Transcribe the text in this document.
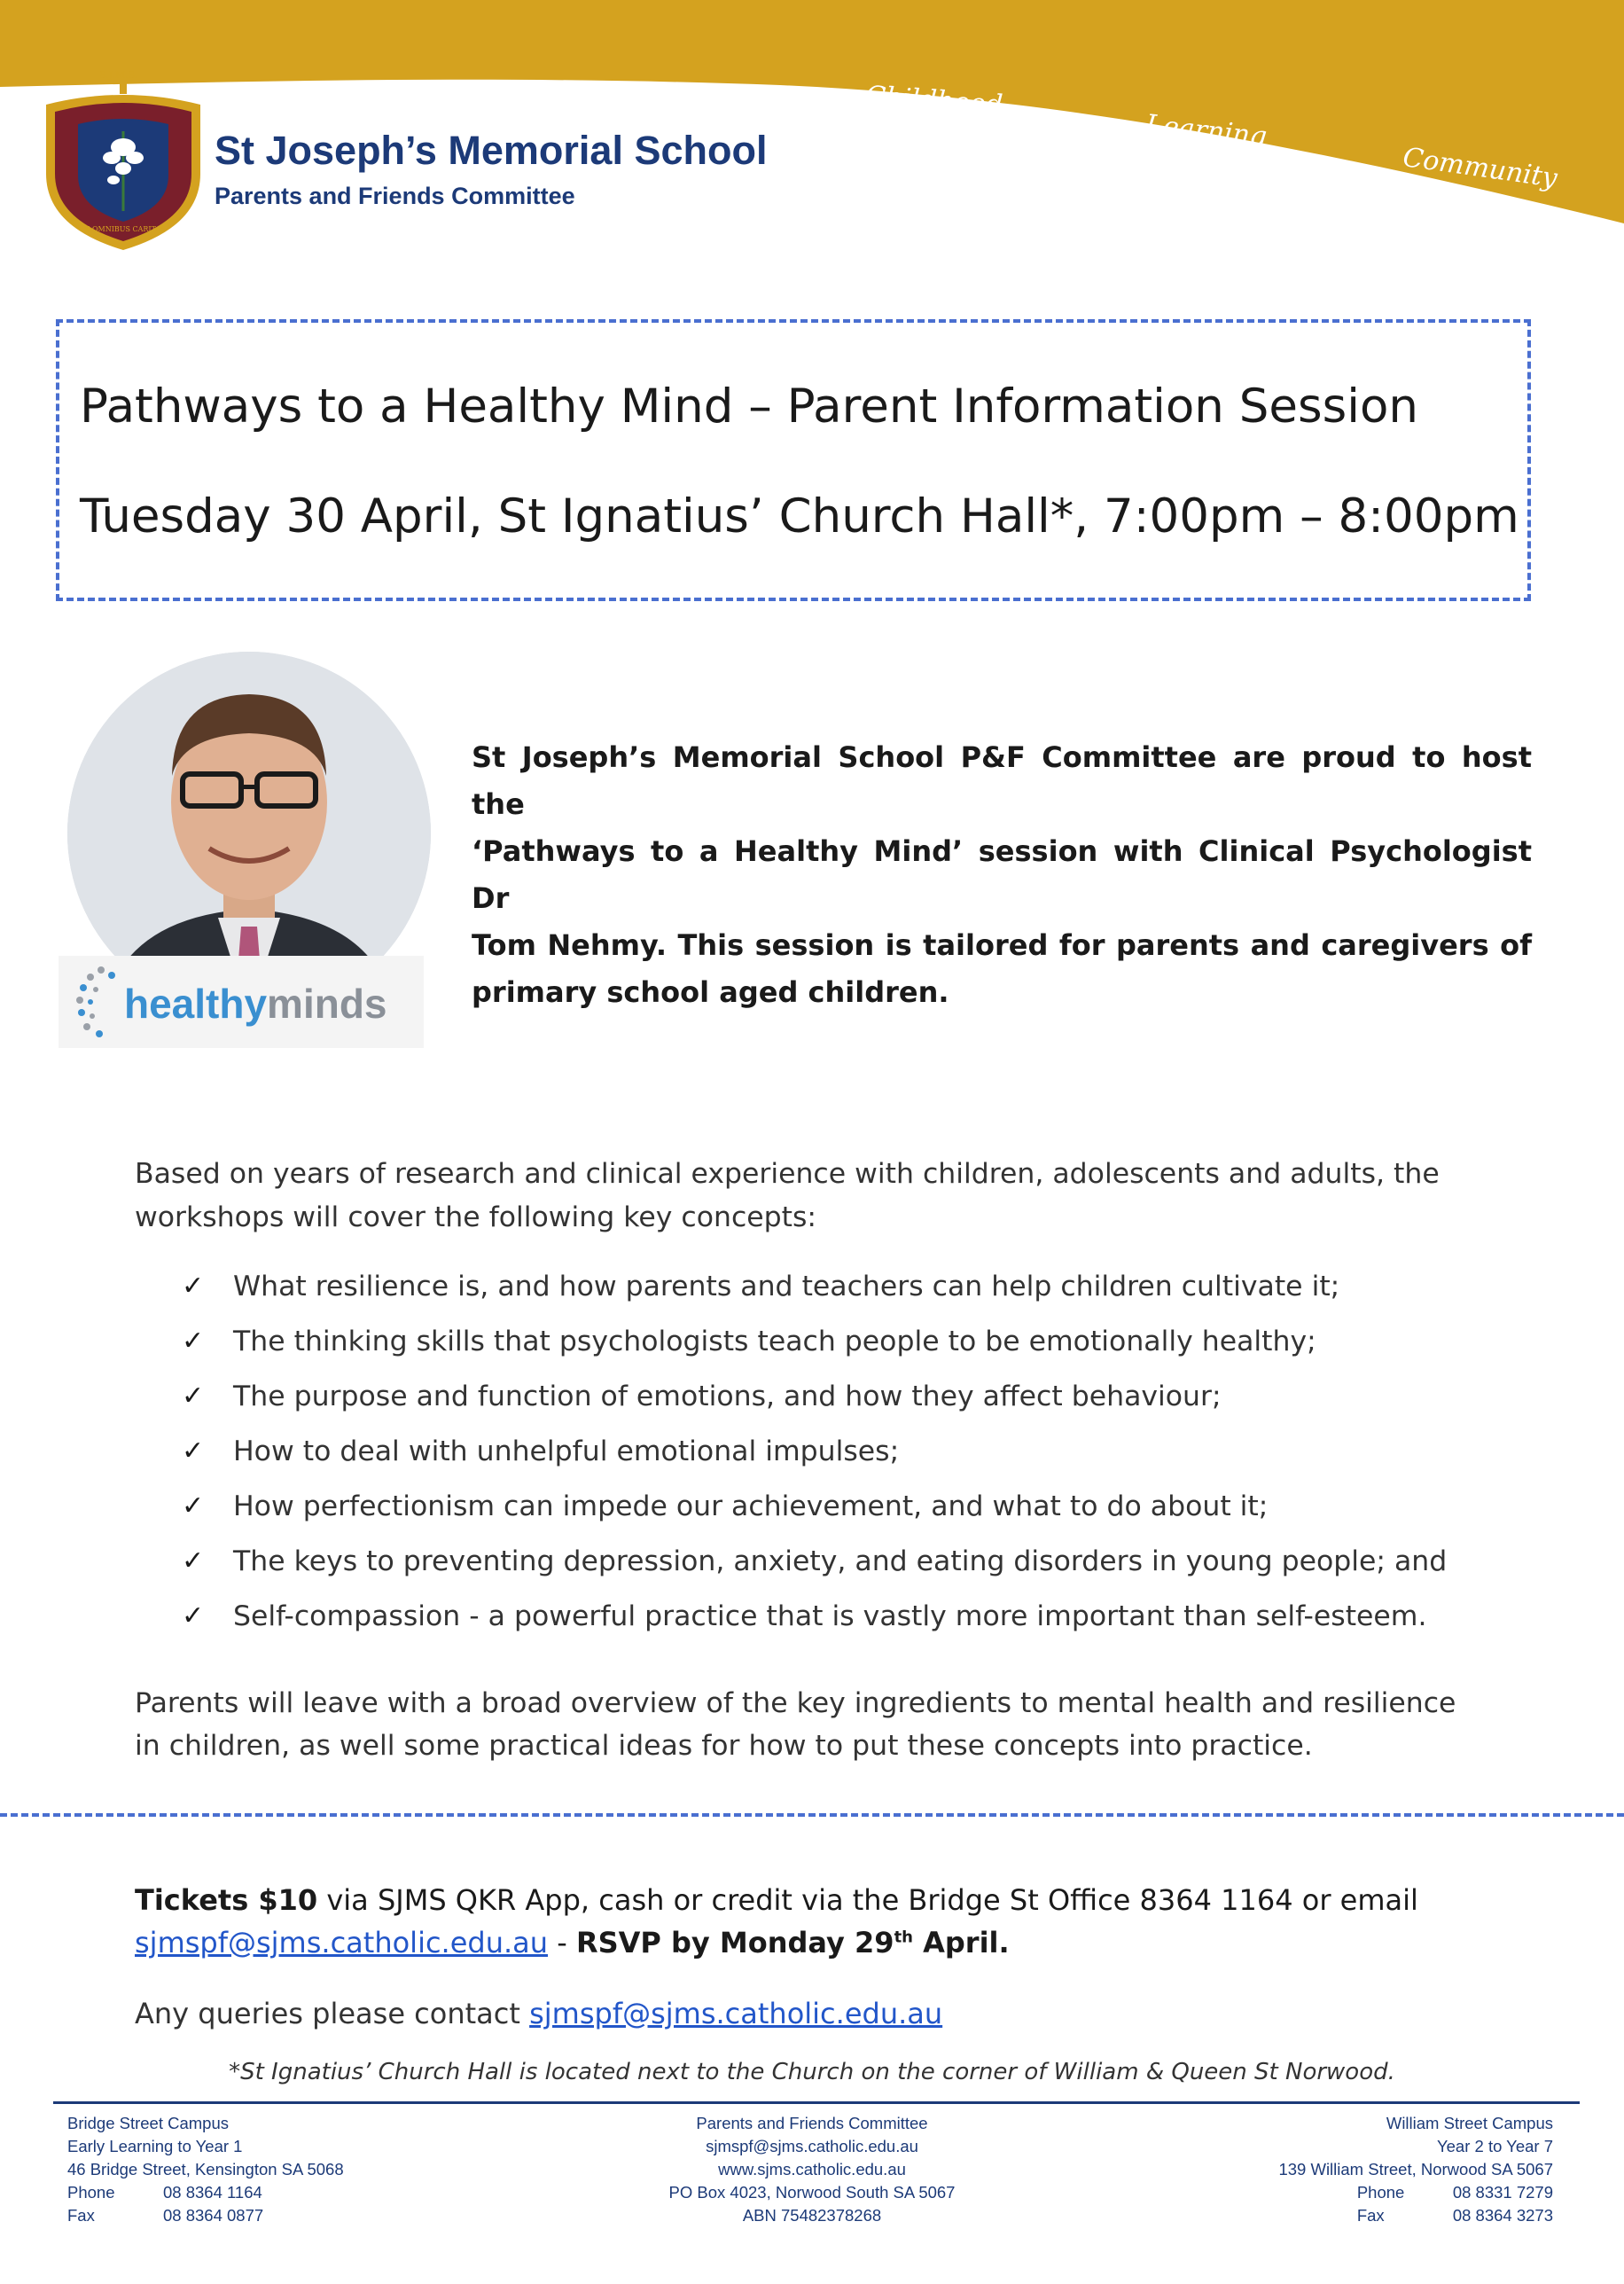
S.J.M.S.
IN OMNIBUS CARITAS
St Joseph’s Memorial School
Parents and Friends Committee
Childhood
Learning
Community
Pathways to a Healthy Mind – Parent Information Session
Tuesday 30 April, St Ignatius’ Church Hall*, 7:00pm – 8:00pm
healthyminds
St Joseph’s Memorial School P&F Committee are proud to host the
‘Pathways to a Healthy Mind’ session with Clinical Psychologist Dr
Tom Nehmy. This session is tailored for parents and caregivers of
primary school aged children.
Based on years of research and clinical experience with children, adolescents and adults, the
workshops will cover the following key concepts:
✓ What resilience is, and how parents and teachers can help children cultivate it;
✓ The thinking skills that psychologists teach people to be emotionally healthy;
✓ The purpose and function of emotions, and how they affect behaviour;
✓ How to deal with unhelpful emotional impulses;
✓ How perfectionism can impede our achievement, and what to do about it;
✓ The keys to preventing depression, anxiety, and eating disorders in young people; and
✓ Self-compassion - a powerful practice that is vastly more important than self-esteem.
Parents will leave with a broad overview of the key ingredients to mental health and resilience
in children, as well some practical ideas for how to put these concepts into practice.
Tickets $10 via SJMS QKR App, cash or credit via the Bridge St Office 8364 1164 or email
sjmspf@sjms.catholic.edu.au - RSVP by Monday 29th April.
Any queries please contact sjmspf@sjms.catholic.edu.au
*St Ignatius’ Church Hall is located next to the Church on the corner of William & Queen St Norwood.
Bridge Street Campus
Early Learning to Year 1
46 Bridge Street, Kensington SA 5068
Phone	08 8364 1164
Fax	08 8364 0877
Parents and Friends Committee
sjmspf@sjms.catholic.edu.au
www.sjms.catholic.edu.au
PO Box 4023, Norwood South SA 5067
ABN 75482378268
William Street Campus
Year 2 to Year 7
139 William Street, Norwood SA 5067
Phone	08 8331 7279
Fax	08 8364 3273
